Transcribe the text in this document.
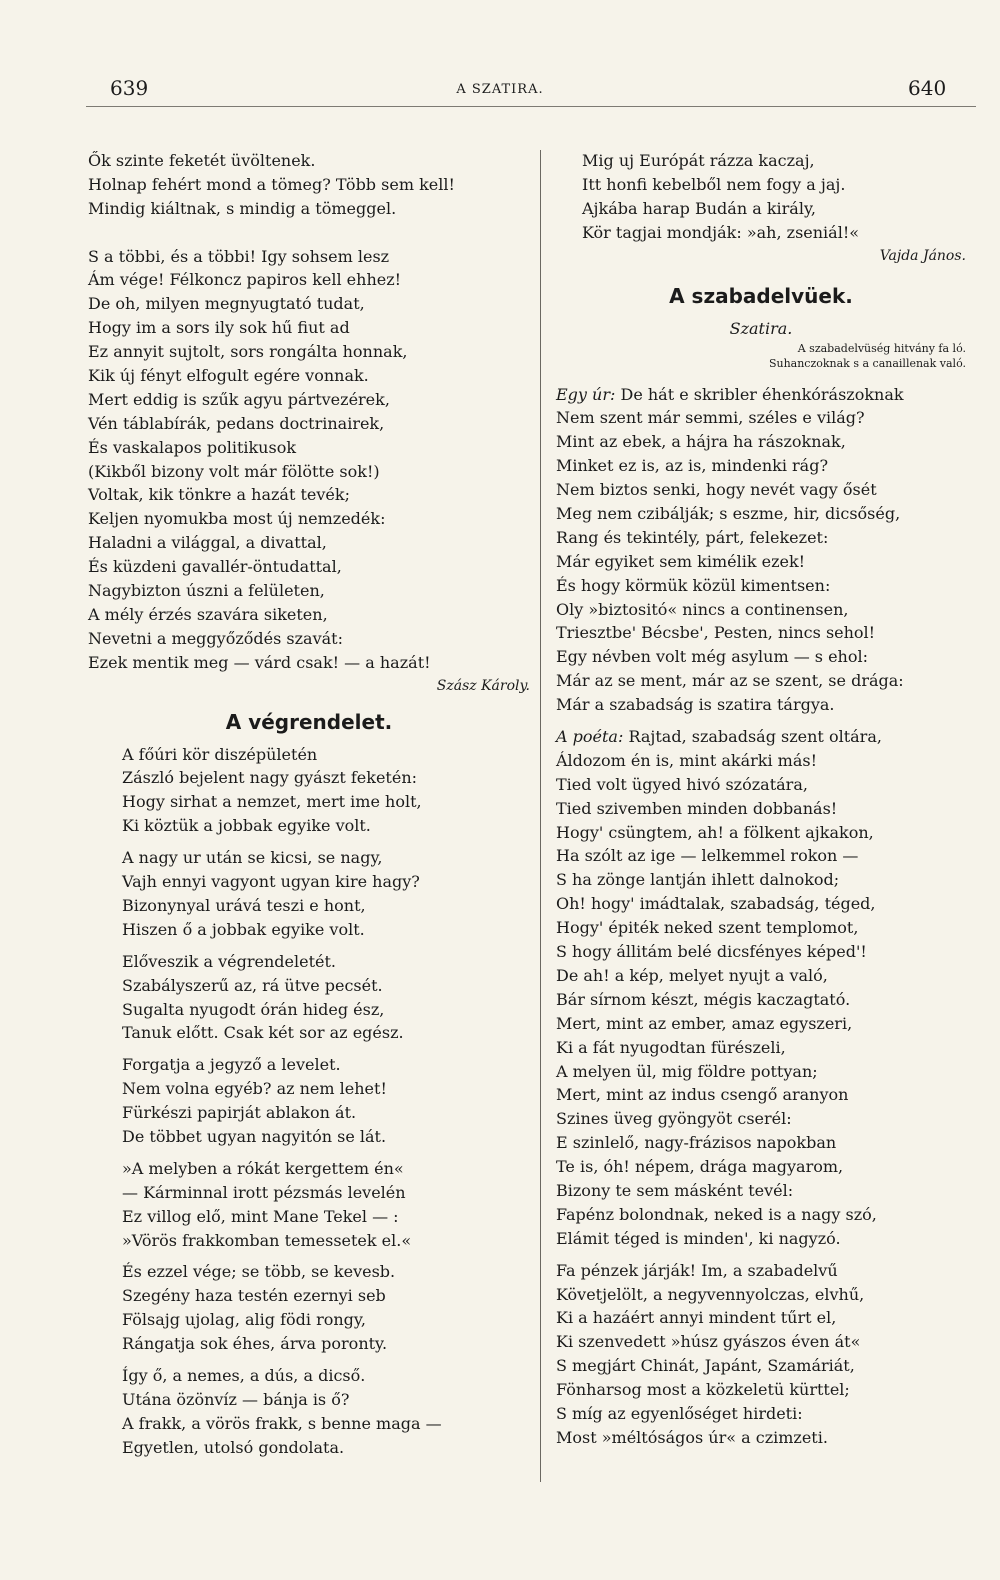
639	A SZATIRA.	640
Ők szinte feketét üvöltenek.
Holnap fehért mond a tömeg? Több sem kell!
Mindig kiáltnak, s mindig a tömeggel.
S a többi, és a többi! Igy sohsem lesz
Ám vége! Félkoncz papiros kell ehhez!
De oh, milyen megnyugtató tudat,
Hogy im a sors ily sok hű fiut ad
Ez annyit sujtolt, sors rongálta honnak,
Kik új fényt elfogult egére vonnak.
Mert eddig is szűk agyu pártvezérek,
Vén táblabírák, pedans doctrinairek,
És vaskalapos politikusok
(Kikből bizony volt már fölötte sok!)
Voltak, kik tönkre a hazát tevék;
Keljen nyomukba most új nemzedék:
Haladni a világgal, a divattal,
És küzdeni gavallér-öntudattal,
Nagybizton úszni a felületen,
A mély érzés szavára siketen,
Nevetni a meggyőződés szavát:
Ezek mentik meg — várd csak! — a hazát!
Szász Károly.
A végrendelet.
A főúri kör diszépületén
Zászló bejelent nagy gyászt feketén:
Hogy sirhat a nemzet, mert ime holt,
Ki köztük a jobbak egyike volt.
A nagy ur után se kicsi, se nagy,
Vajh ennyi vagyont ugyan kire hagy?
Bizonynyal urává teszi e hont,
Hiszen ő a jobbak egyike volt.
Előveszik a végrendeletét.
Szabályszerű az, rá ütve pecsét.
Sugalta nyugodt órán hideg ész,
Tanuk előtt. Csak két sor az egész.
Forgatja a jegyző a levelet.
Nem volna egyéb? az nem lehet!
Fürkészi papirját ablakon át.
De többet ugyan nagyitón se lát.
»A melyben a rókát kergettem én«
— Kárminnal irott pézsmás levelén
Ez villog elő, mint Mane Tekel — :
»Vörös frakkomban temessetek el.«
És ezzel vége; se több, se kevesb.
Szegény haza testén ezernyi seb
Fölsajg ujolag, alig födi rongy,
Rángatja sok éhes, árva poronty.
Így ő, a nemes, a dús, a dicső.
Utána özönvíz — bánja is ő?
A frakk, a vörös frakk, s benne maga —
Egyetlen, utolsó gondolata.
Mig uj Európát rázza kaczaj,
Itt honfi kebelből nem fogy a jaj.
Ajkába harap Budán a király,
Kör tagjai mondják: »ah, zseniál!«
Vajda János.
A szabadelvüek.
Szatira.
A szabadelvüség hitvány fa ló.
Suhanczoknak s a canaillenak való.
Egy úr: De hát e skribler éhenkórászoknak
Nem szent már semmi, széles e világ?
Mint az ebek, a hájra ha rászoknak,
Minket ez is, az is, mindenki rág?
Nem biztos senki, hogy nevét vagy ősét
Meg nem czibálják; s eszme, hir, dicsőség,
Rang és tekintély, párt, felekezet:
Már egyiket sem kimélik ezek!
És hogy körmük közül kimentsen:
Oly »biztositó« nincs a continensen,
Triesztbe' Bécsbe', Pesten, nincs sehol!
Egy névben volt még asylum — s ehol:
Már az se ment, már az se szent, se drága:
Már a szabadság is szatira tárgya.
A poéta: Rajtad, szabadság szent oltára,
Áldozom én is, mint akárki más!
Tied volt ügyed hivó szózatára,
Tied szivemben minden dobbanás!
Hogy' csüngtem, ah! a fölkent ajkakon,
Ha szólt az ige — lelkemmel rokon —
S ha zönge lantján ihlett dalnokod;
Oh! hogy' imádtalak, szabadság, téged,
Hogy' épiték neked szent templomot,
S hogy állitám belé dicsfényes képed'!
De ah! a kép, melyet nyujt a való,
Bár sírnom készt, mégis kaczagtató.
Mert, mint az ember, amaz egyszeri,
Ki a fát nyugodtan fürészeli,
A melyen ül, mig földre pottyan;
Mert, mint az indus csengő aranyon
Szines üveg gyöngyöt cserél:
E szinlelő, nagy-frázisos napokban
Te is, óh! népem, drága magyarom,
Bizony te sem másként tevél:
Fapénz bolondnak, neked is a nagy szó,
Elámit téged is minden', ki nagyzó.
Fa pénzek járják! Im, a szabadelvű
Követjelölt, a negyvennyolczas, elvhű,
Ki a hazáért annyi mindent tűrt el,
Ki szenvedett »húsz gyászos éven át«
S megjárt Chinát, Japánt, Szamáriát,
Fönharsog most a közkeletü kürttel;
S míg az egyenlőséget hirdeti:
Most »méltóságos úr« a czimzeti.
